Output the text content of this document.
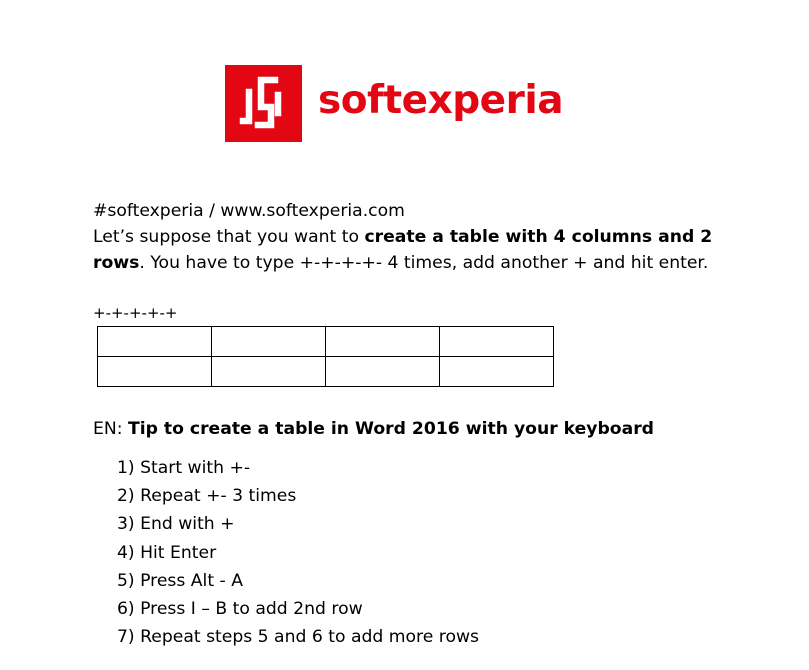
softexperia
#softexperia / www.softexperia.com
Let’s suppose that you want to create a table with 4 columns and 2
rows. You have to type +-+-+-+- 4 times, add another + and hit enter.
+-+-+-+-+

EN: Tip to create a table in Word 2016 with your keyboard
1) Start with +-
2) Repeat +- 3 times
3) End with +
4) Hit Enter
5) Press Alt - A
6) Press I – B to add 2nd row
7) Repeat steps 5 and 6 to add more rows
